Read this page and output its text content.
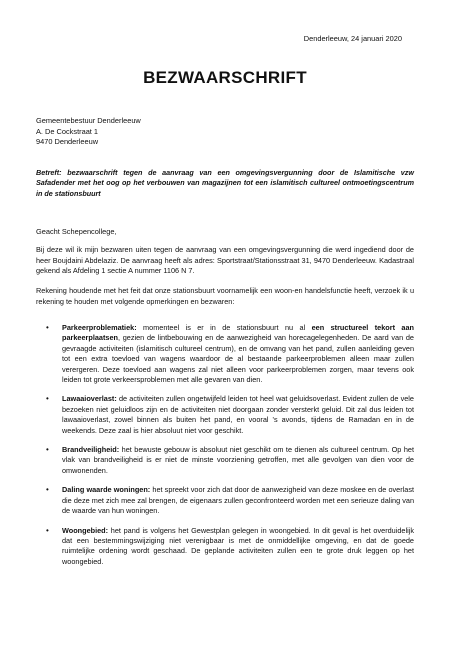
Denderleeuw, 24 januari 2020
BEZWAARSCHRIFT
Gemeentebestuur Denderleeuw
A. De Cockstraat 1
9470 Denderleeuw
Betreft: bezwaarschrift tegen de aanvraag van een omgevingsvergunning door de Islamitische vzw Safadender met het oog op het verbouwen van magazijnen tot een islamitisch cultureel ontmoetingscentrum in de stationsbuurt
Geacht Schepencollege,
Bij deze wil ik mijn bezwaren uiten tegen de aanvraag van een omgevingsvergunning die werd ingediend door de heer Boujdaini Abdelaziz. De aanvraag heeft als adres: Sportstraat/Stationsstraat 31, 9470 Denderleeuw. Kadastraal gekend als Afdeling 1 sectie A nummer 1106 N 7.
Rekening houdende met het feit dat onze stationsbuurt voornamelijk een woon-en handelsfunctie heeft, verzoek ik u rekening te houden met volgende opmerkingen en bezwaren:
• Parkeerproblematiek: momenteel is er in de stationsbuurt nu al een structureel tekort aan parkeerplaatsen, gezien de lintbebouwing en de aanwezigheid van horecagelegenheden. De aard van de gevraagde activiteiten (islamitisch cultureel centrum), en de omvang van het pand, zullen aanleiding geven tot een extra toevloed van wagens waardoor de al bestaande parkeerproblemen alleen maar zullen verergeren. Deze toevloed aan wagens zal niet alleen voor parkeerproblemen zorgen, maar tevens ook leiden tot grote verkeersproblemen met alle gevaren van dien.
• Lawaaioverlast: de activiteiten zullen ongetwijfeld leiden tot heel wat geluidsoverlast. Evident zullen de vele bezoeken niet geluidloos zijn en de activiteiten niet doorgaan zonder versterkt geluid. Dit zal dus leiden tot lawaaioverlast, zowel binnen als buiten het pand, en vooral 's avonds, tijdens de Ramadan en in de weekends. Deze zaal is hier absoluut niet voor geschikt.
• Brandveiligheid: het bewuste gebouw is absoluut niet geschikt om te dienen als cultureel centrum. Op het vlak van brandveiligheid is er niet de minste voorziening getroffen, met alle gevolgen van dien voor de omwonenden.
• Daling waarde woningen: het spreekt voor zich dat door de aanwezigheid van deze moskee en de overlast die deze met zich mee zal brengen, de eigenaars zullen geconfronteerd worden met een serieuze daling van de waarde van hun woningen.
• Woongebied: het pand is volgens het Gewestplan gelegen in woongebied. In dit geval is het overduidelijk dat een bestemmingswijziging niet verenigbaar is met de onmiddellijke omgeving, en dat de goede ruimtelijke ordening wordt geschaad. De geplande activiteiten zullen een te grote druk leggen op het woongebied.
